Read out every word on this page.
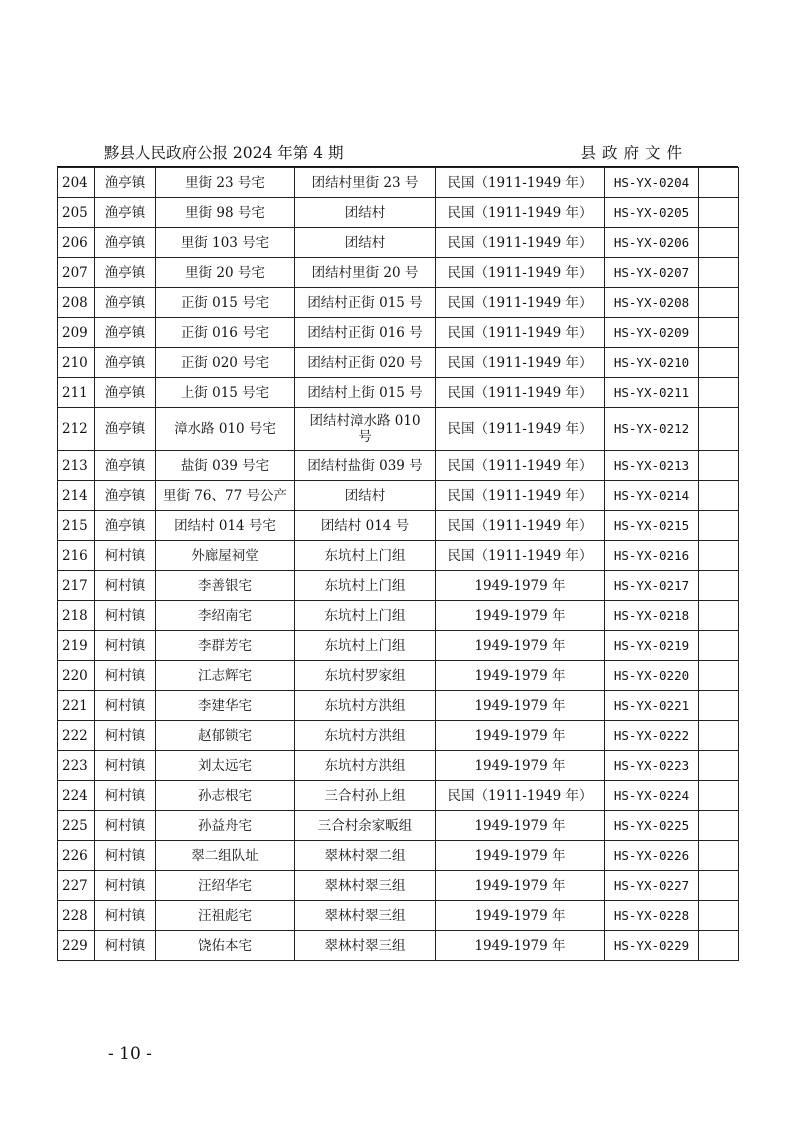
黟县人民政府公报 2024 年第 4 期	县政府文件
204	渔亭镇	里街 23 号宅	团结村里街 23 号	民国（1911-1949 年）	HS-YX-0204	
205	渔亭镇	里街 98 号宅	团结村	民国（1911-1949 年）	HS-YX-0205	
206	渔亭镇	里街 103 号宅	团结村	民国（1911-1949 年）	HS-YX-0206	
207	渔亭镇	里街 20 号宅	团结村里街 20 号	民国（1911-1949 年）	HS-YX-0207	
208	渔亭镇	正街 015 号宅	团结村正街 015 号	民国（1911-1949 年）	HS-YX-0208	
209	渔亭镇	正街 016 号宅	团结村正街 016 号	民国（1911-1949 年）	HS-YX-0209	
210	渔亭镇	正街 020 号宅	团结村正街 020 号	民国（1911-1949 年）	HS-YX-0210	
211	渔亭镇	上街 015 号宅	团结村上街 015 号	民国（1911-1949 年）	HS-YX-0211	
212	渔亭镇	漳水路 010 号宅	团结村漳水路 010 号	民国（1911-1949 年）	HS-YX-0212	
213	渔亭镇	盐街 039 号宅	团结村盐街 039 号	民国（1911-1949 年）	HS-YX-0213	
214	渔亭镇	里街 76、77 号公产	团结村	民国（1911-1949 年）	HS-YX-0214	
215	渔亭镇	团结村 014 号宅	团结村 014 号	民国（1911-1949 年）	HS-YX-0215	
216	柯村镇	外廊屋祠堂	东坑村上门组	民国（1911-1949 年）	HS-YX-0216	
217	柯村镇	李善银宅	东坑村上门组	1949-1979 年	HS-YX-0217	
218	柯村镇	李绍南宅	东坑村上门组	1949-1979 年	HS-YX-0218	
219	柯村镇	李群芳宅	东坑村上门组	1949-1979 年	HS-YX-0219	
220	柯村镇	江志辉宅	东坑村罗家组	1949-1979 年	HS-YX-0220	
221	柯村镇	李建华宅	东坑村方洪组	1949-1979 年	HS-YX-0221	
222	柯村镇	赵郁锁宅	东坑村方洪组	1949-1979 年	HS-YX-0222	
223	柯村镇	刘太远宅	东坑村方洪组	1949-1979 年	HS-YX-0223	
224	柯村镇	孙志根宅	三合村孙上组	民国（1911-1949 年）	HS-YX-0224	
225	柯村镇	孙益舟宅	三合村余家畈组	1949-1979 年	HS-YX-0225	
226	柯村镇	翠二组队址	翠林村翠二组	1949-1979 年	HS-YX-0226	
227	柯村镇	汪绍华宅	翠林村翠三组	1949-1979 年	HS-YX-0227	
228	柯村镇	汪祖彪宅	翠林村翠三组	1949-1979 年	HS-YX-0228	
229	柯村镇	饶佑本宅	翠林村翠三组	1949-1979 年	HS-YX-0229	
- 10 -
